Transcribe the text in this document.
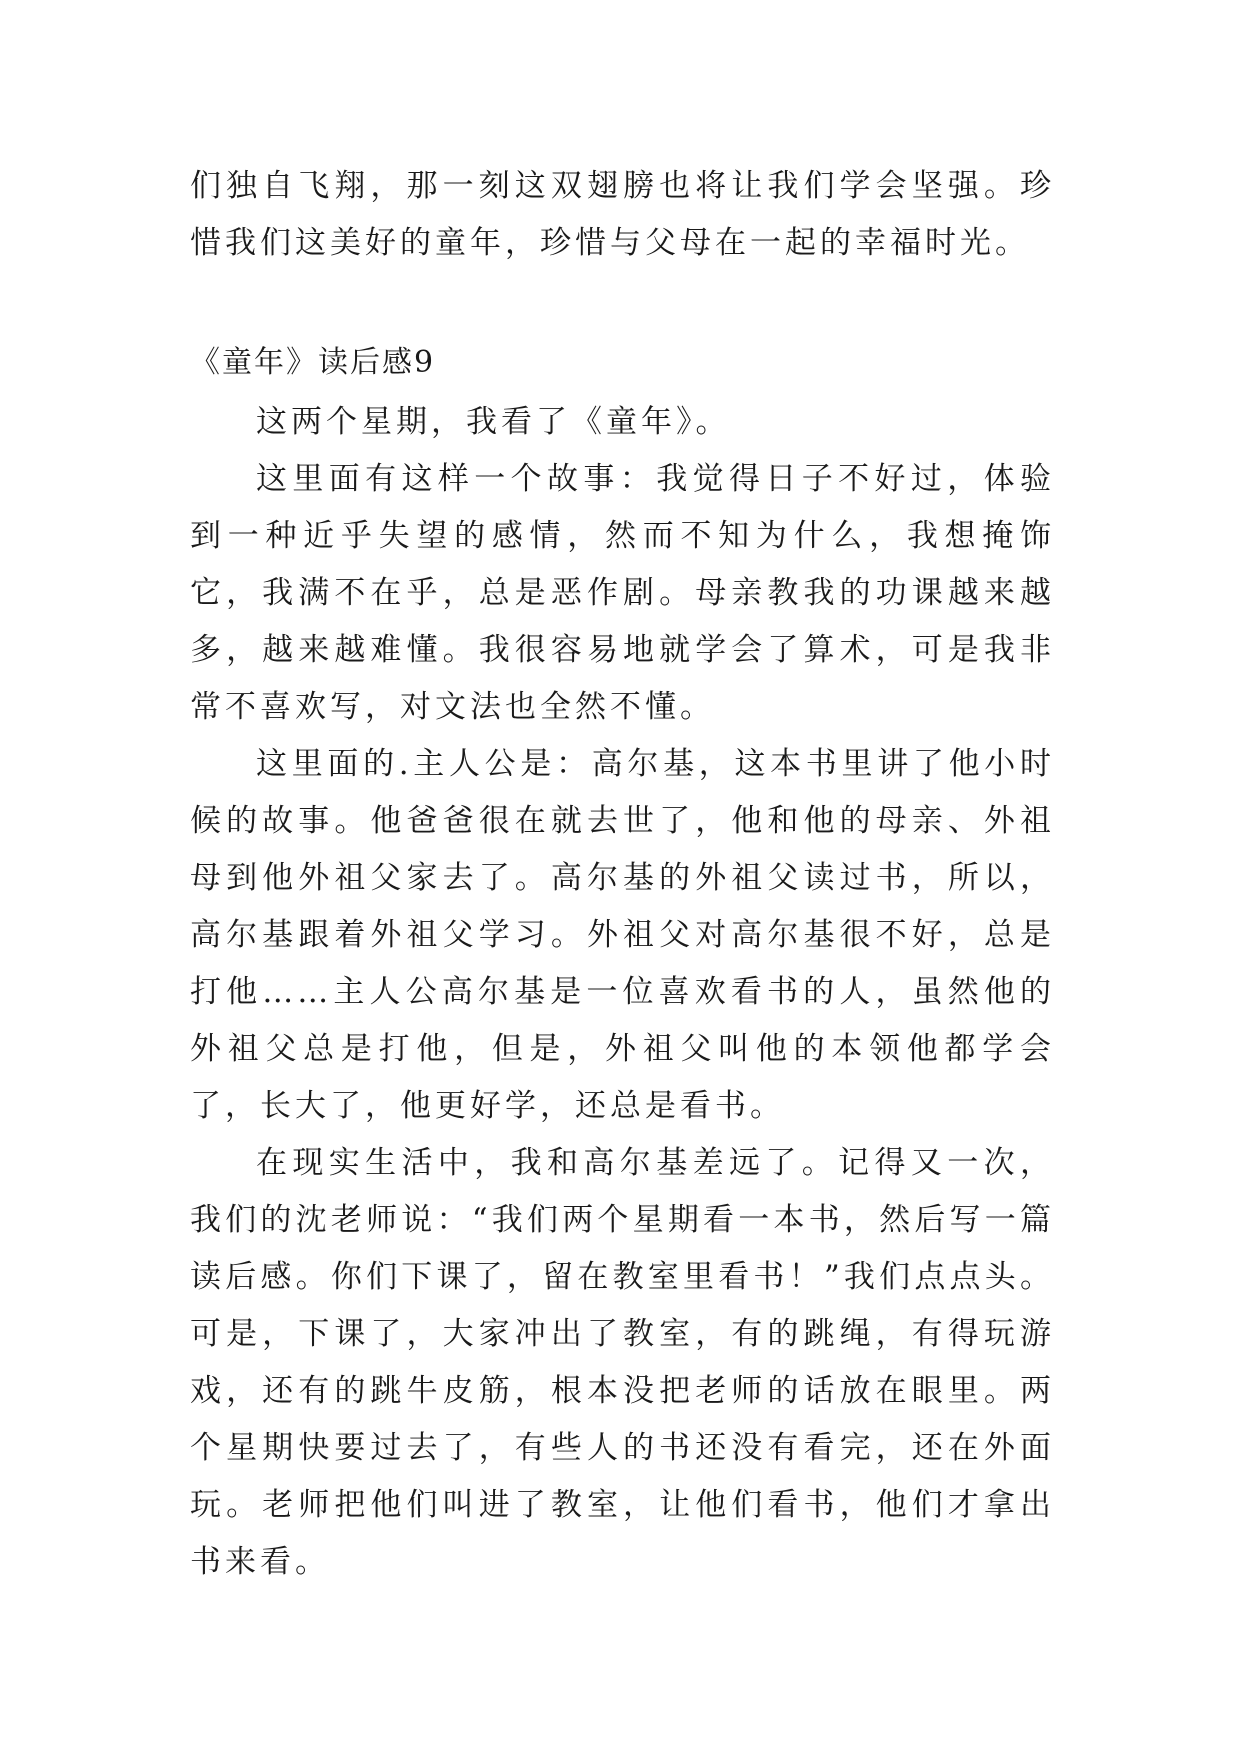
们独自飞翔，那一刻这双翅膀也将让我们学会坚强。珍惜我们这美好的童年，珍惜与父母在一起的幸福时光。

《童年》读后感9

这两个星期，我看了《童年》。

这里面有这样一个故事：我觉得日子不好过，体验到一种近乎失望的感情，然而不知为什么，我想掩饰它，我满不在乎，总是恶作剧。母亲教我的功课越来越多，越来越难懂。我很容易地就学会了算术，可是我非常不喜欢写，对文法也全然不懂。

这里面的.主人公是：高尔基，这本书里讲了他小时候的故事。他爸爸很在就去世了，他和他的母亲、外祖母到他外祖父家去了。高尔基的外祖父读过书，所以，高尔基跟着外祖父学习。外祖父对高尔基很不好，总是打他……主人公高尔基是一位喜欢看书的人，虽然他的外祖父总是打他，但是，外祖父叫他的本领他都学会了，长大了，他更好学，还总是看书。

在现实生活中，我和高尔基差远了。记得又一次，我们的沈老师说：“我们两个星期看一本书，然后写一篇读后感。你们下课了，留在教室里看书！”我们点点头。可是，下课了，大家冲出了教室，有的跳绳，有得玩游戏，还有的跳牛皮筋，根本没把老师的话放在眼里。两个星期快要过去了，有些人的书还没有看完，还在外面玩。老师把他们叫进了教室，让他们看书，他们才拿出书来看。
